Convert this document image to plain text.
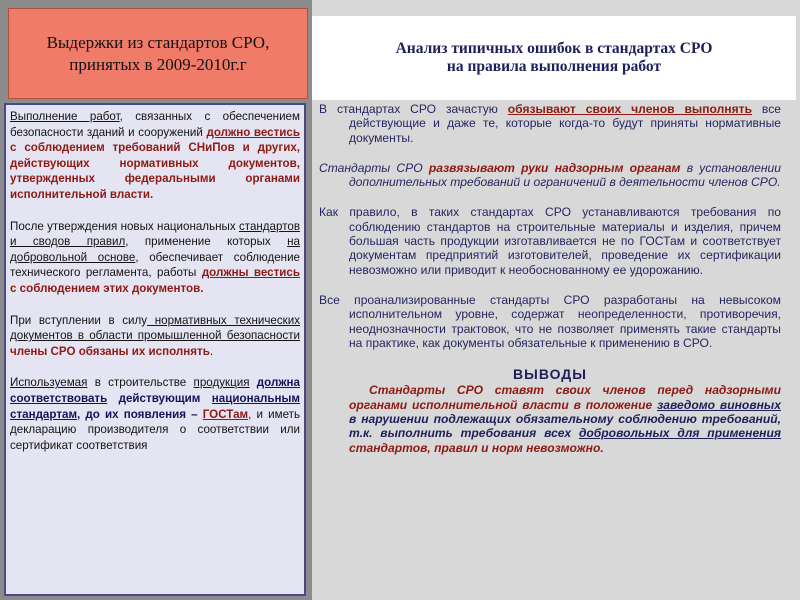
Выдержки из стандартов СРО, принятых в 2009-2010г.г
Анализ типичных ошибок в стандартах СРО
на правила выполнения работ

Выполнение работ, связанных с обеспечением безопасности зданий и сооружений должно вестись с соблюдением требований СНиПов и других, действующих нормативных документов, утвержденных федеральными органами исполнительной власти.

После утверждения новых национальных стандартов и сводов правил, применение которых на добровольной основе, обеспечивает соблюдение технического регламента, работы должны вестись с соблюдением этих документов.

При вступлении в силу нормативных технических документов в области промышленной безопасности члены СРО обязаны их исполнять.

Используемая в строительстве продукция должна соответствовать действующим национальным стандартам, до их появления – ГОСТам, и иметь декларацию производителя о соответствии или сертификат соответствия

В стандартах СРО зачастую обязывают своих членов выполнять все действующие и даже те, которые когда-то будут приняты нормативные документы.

Стандарты СРО развязывают руки надзорным органам в установлении дополнительных требований и ограничений в деятельности членов СРО.

Как правило, в таких стандартах СРО устанавливаются требования по соблюдению стандартов на строительные материалы и изделия, причем большая часть продукции изготавливается не по ГОСТам и соответствует документам предприятий изготовителей, проведение их сертификации невозможно или приводит к необоснованному ее удорожанию.

Все проанализированные стандарты СРО разработаны на невысоком исполнительном уровне, содержат неопределенности, противоречия, неоднозначности трактовок, что не позволяет применять такие стандарты на практике, как документы обязательные к применению в СРО.

ВЫВОДЫ

Стандарты СРО ставят своих членов перед надзорными органами исполнительной власти в положение заведомо виновных в нарушении подлежащих обязательному соблюдению требований, т.к. выполнить требования всех добровольных для применения стандартов, правил и норм невозможно.
